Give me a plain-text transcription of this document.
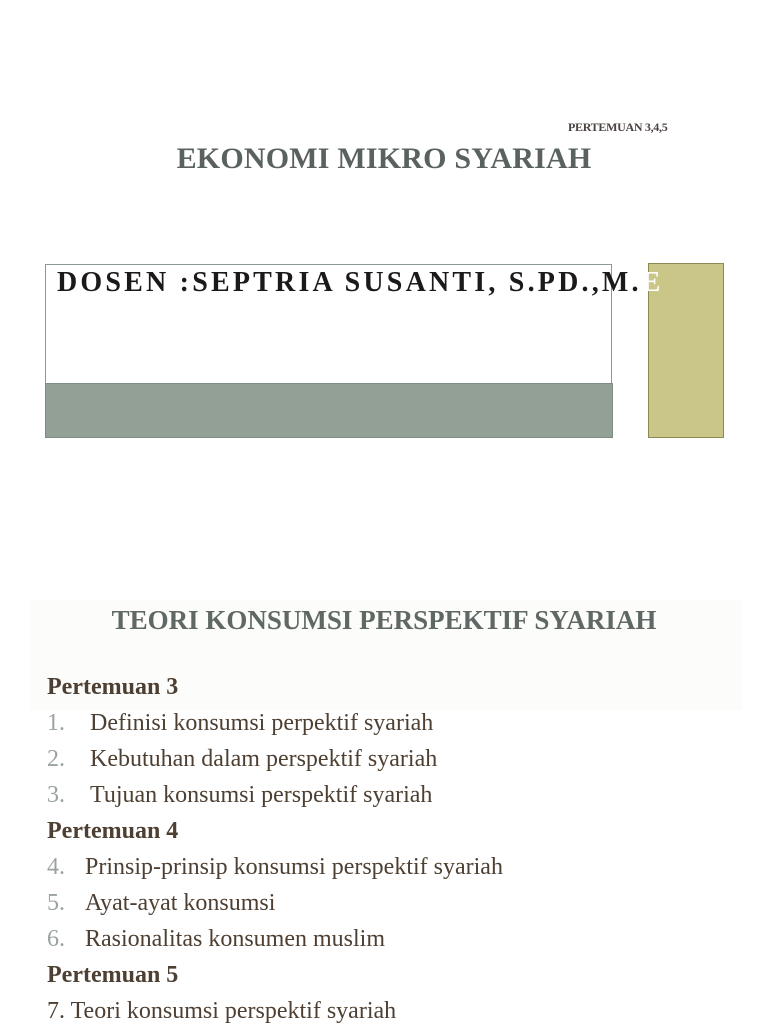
PERTEMUAN 3,4,5
EKONOMI MIKRO SYARIAH
DOSEN :SEPTRIA SUSANTI, S.PD.,M.E
TEORI KONSUMSI PERSPEKTIF SYARIAH
Pertemuan 3
1. Definisi konsumsi perpektif syariah
2. Kebutuhan dalam perspektif syariah
3. Tujuan konsumsi perspektif syariah
Pertemuan 4
4. Prinsip-prinsip konsumsi perspektif syariah
5. Ayat-ayat konsumsi
6. Rasionalitas konsumen muslim
Pertemuan 5
7. Teori konsumsi perspektif syariah
